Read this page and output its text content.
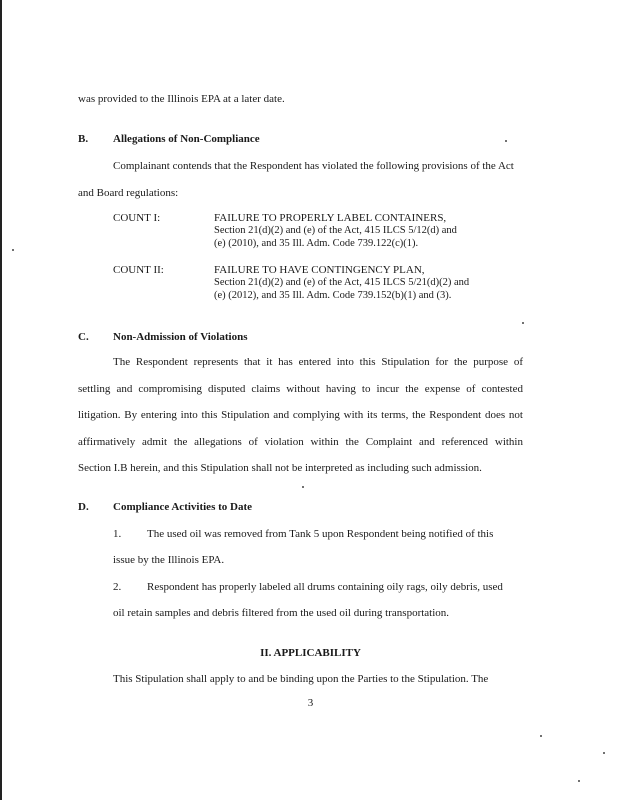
was provided to the Illinois EPA at a later date.
B. Allegations of Non-Compliance
Complainant contends that the Respondent has violated the following provisions of the Act
and Board regulations:
COUNT I:	FAILURE TO PROPERLY LABEL CONTAINERS,
Section 21(d)(2) and (e) of the Act, 415 ILCS 5/12(d) and
(e) (2010), and 35 Ill. Adm. Code 739.122(c)(1).
COUNT II:	FAILURE TO HAVE CONTINGENCY PLAN,
Section 21(d)(2) and (e) of the Act, 415 ILCS 5/21(d)(2) and
(e) (2012), and 35 Ill. Adm. Code 739.152(b)(1) and (3).
C. Non-Admission of Violations
The Respondent represents that it has entered into this Stipulation for the purpose of
settling and compromising disputed claims without having to incur the expense of contested
litigation. By entering into this Stipulation and complying with its terms, the Respondent does not
affirmatively admit the allegations of violation within the Complaint and referenced within
Section I.B herein, and this Stipulation shall not be interpreted as including such admission.
D. Compliance Activities to Date
1. The used oil was removed from Tank 5 upon Respondent being notified of this
issue by the Illinois EPA.
2. Respondent has properly labeled all drums containing oily rags, oily debris, used
oil retain samples and debris filtered from the used oil during transportation.
II. APPLICABILITY
This Stipulation shall apply to and be binding upon the Parties to the Stipulation. The
3
